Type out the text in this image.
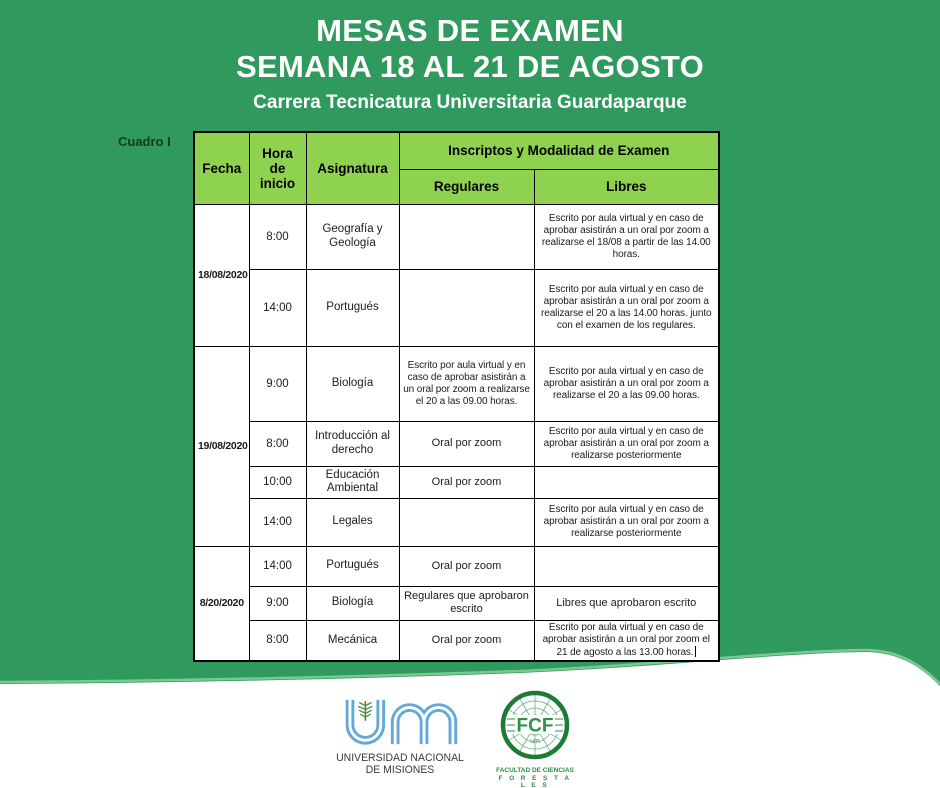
MESAS DE EXAMEN
SEMANA 18 AL 21 DE AGOSTO
Carrera Tecnicatura Universitaria Guardaparque
Cuadro I
Fecha	Hora de inicio	Asignatura	Inscriptos y Modalidad de Examen	
			Regulares	Libres
18/08/2020	8:00	Geografía y Geología		Escrito por aula virtual y en caso de aprobar asistirán a un oral por zoom a realizarse el 18/08 a partir de las 14.00 horas.
	14:00	Portugués		Escrito por aula virtual y en caso de aprobar asistirán a un oral por zoom a realizarse el 20 a las 14.00 horas. junto con el examen de los regulares.
19/08/2020	9:00	Biología	Escrito por aula virtual y en caso de aprobar asistirán a un oral por zoom a realizarse el 20 a las 09.00 horas.	Escrito por aula virtual y en caso de aprobar asistirán a un oral por zoom a realizarse el 20 a las 09.00 horas.
	8:00	Introducción al derecho	Oral por zoom	Escrito por aula virtual y en caso de aprobar asistirán a un oral por zoom a realizarse posteriormente
	10:00	Educación Ambiental	Oral por zoom	
	14:00	Legales		Escrito por aula virtual y en caso de aprobar asistirán a un oral por zoom a realizarse posteriormente
8/20/2020	14:00	Portugués	Oral por zoom	
	9:00	Biología	Regulares que aprobaron escrito	Libres que aprobaron escrito
	8:00	Mecánica	Oral por zoom	Escrito por aula virtual y en caso de aprobar asistirán a un oral por zoom el 21 de agosto a las 13.00 horas.
UNIVERSIDAD NACIONAL
DE MISIONES
FCF
um
FACULTAD DE CIENCIAS
F O R E S T A L E S
